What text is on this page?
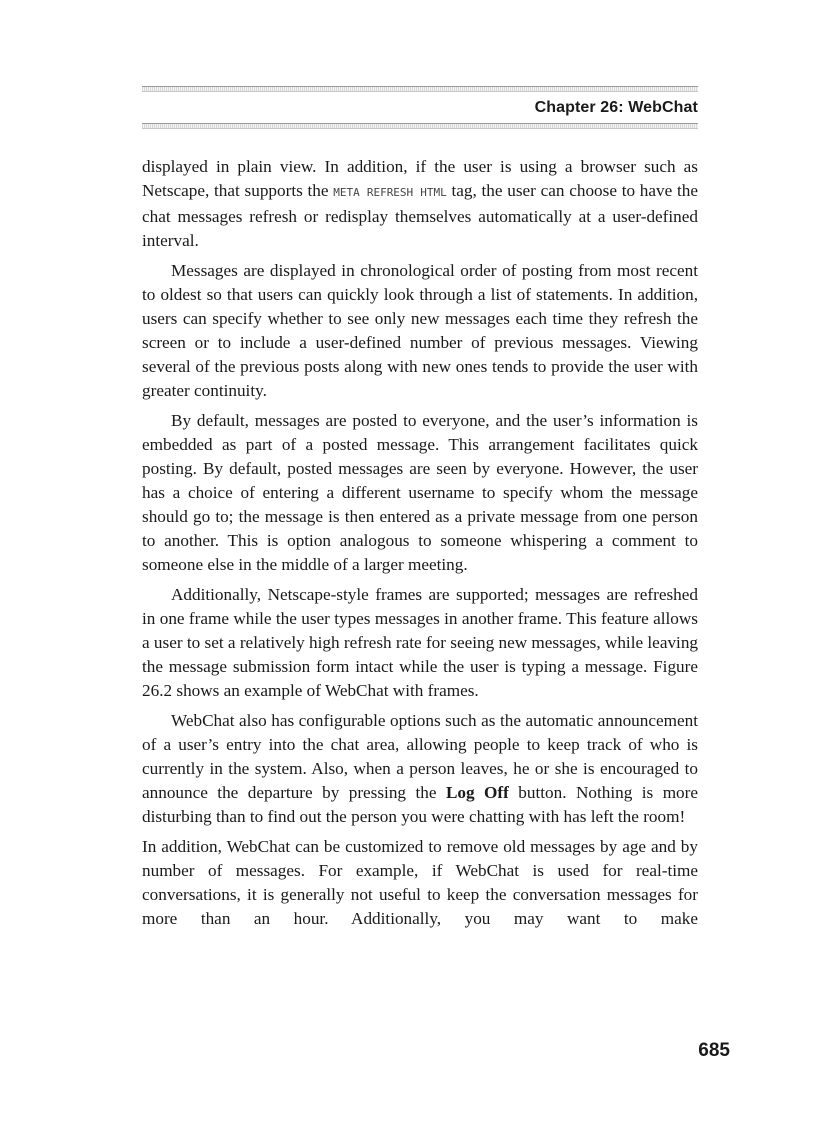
Chapter 26: WebChat

displayed in plain view. In addition, if the user is using a browser such as Netscape, that supports the META REFRESH HTML tag, the user can choose to have the chat messages refresh or redisplay themselves automatically at a user-defined interval.

Messages are displayed in chronological order of posting from most recent to oldest so that users can quickly look through a list of statements. In addition, users can specify whether to see only new messages each time they refresh the screen or to include a user-defined number of previous messages. Viewing several of the previous posts along with new ones tends to provide the user with greater continuity.

By default, messages are posted to everyone, and the user’s information is embedded as part of a posted message. This arrangement facilitates quick posting. By default, posted messages are seen by everyone. However, the user has a choice of entering a different username to specify whom the message should go to; the message is then entered as a private message from one person to another. This is option analogous to someone whispering a comment to someone else in the middle of a larger meeting.

Additionally, Netscape-style frames are supported; messages are refreshed in one frame while the user types messages in another frame. This feature allows a user to set a relatively high refresh rate for seeing new messages, while leaving the message submission form intact while the user is typing a message. Figure 26.2 shows an example of WebChat with frames.

WebChat also has configurable options such as the automatic announcement of a user’s entry into the chat area, allowing people to keep track of who is currently in the system. Also, when a person leaves, he or she is encouraged to announce the departure by pressing the Log Off button. Nothing is more disturbing than to find out the person you were chatting with has left the room!

In addition, WebChat can be customized to remove old messages by age and by number of messages. For example, if WebChat is used for real-time conversations, it is generally not useful to keep the conversation messages for more than an hour. Additionally, you may want to make

685
